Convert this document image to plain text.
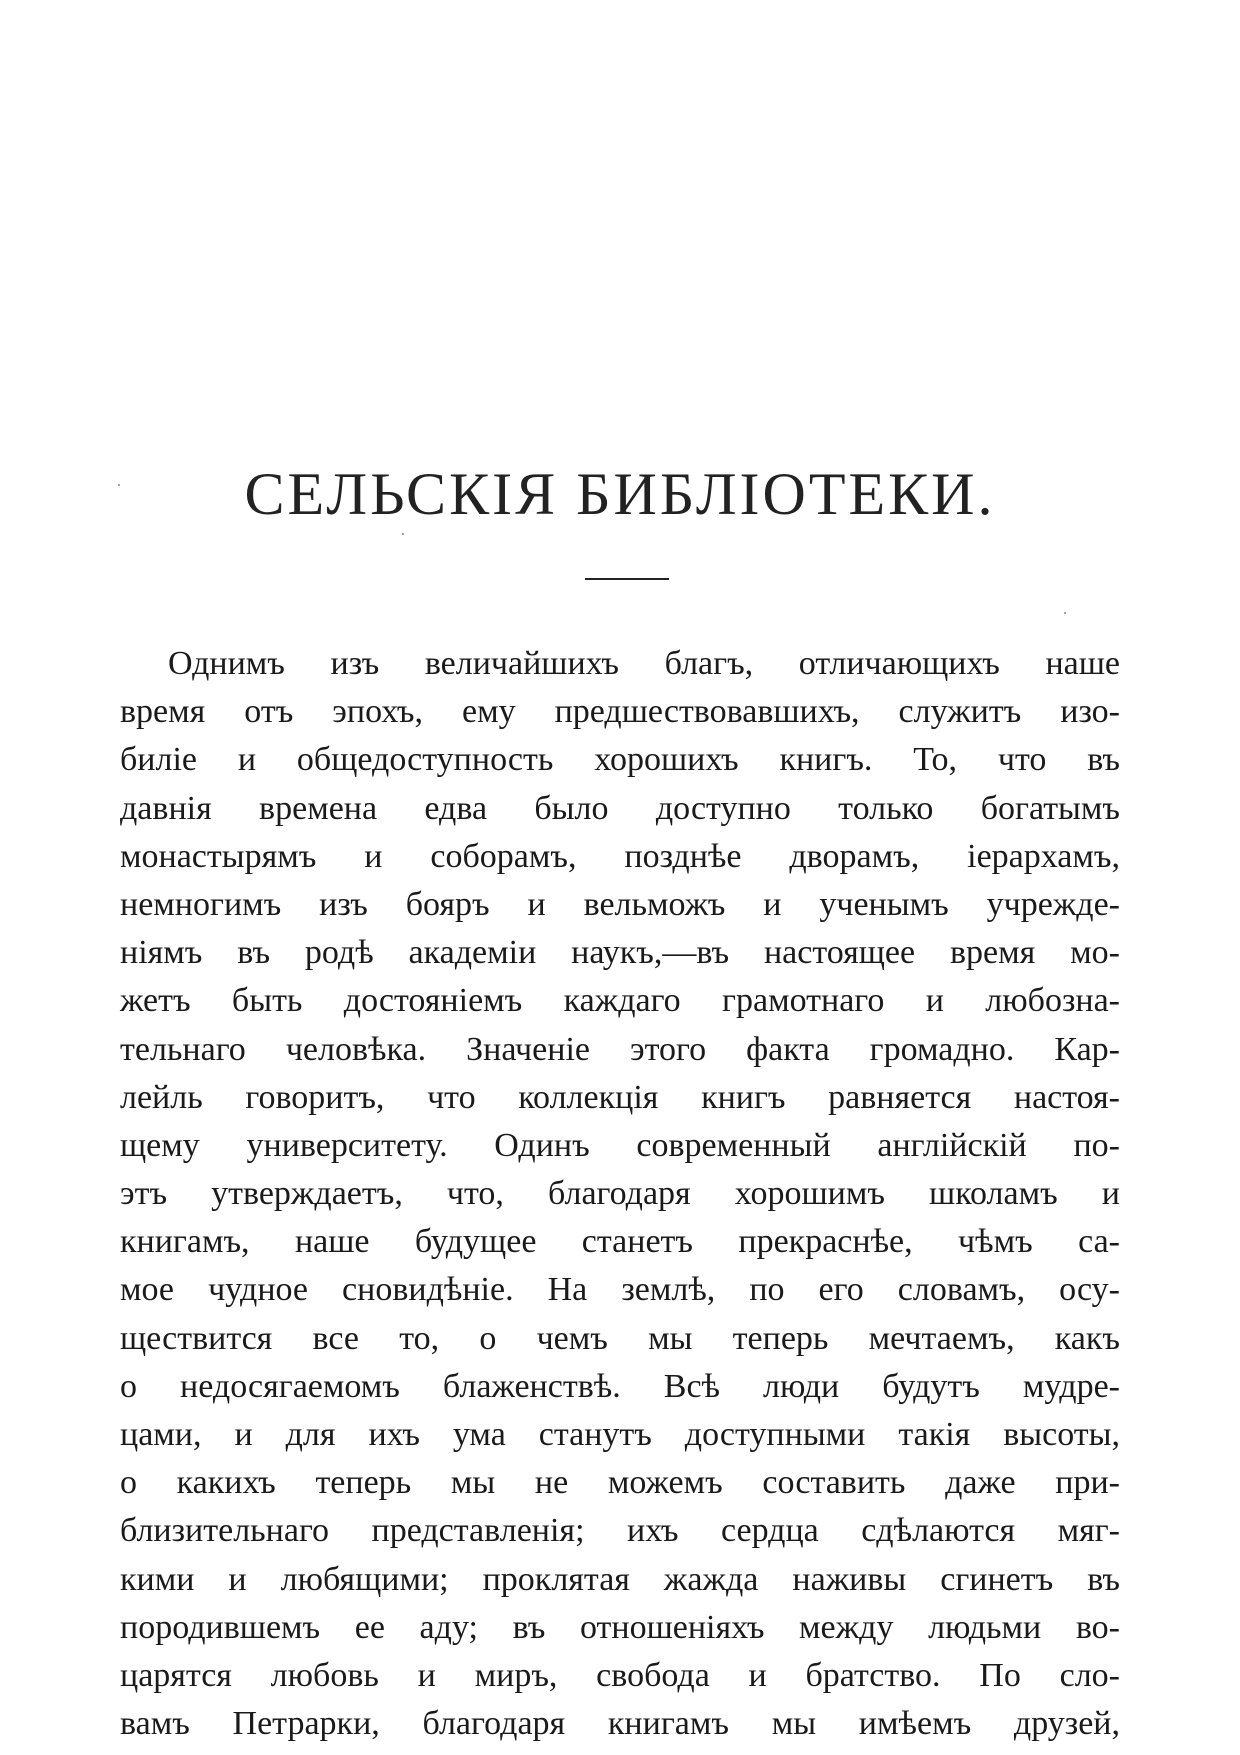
СЕЛЬСКІЯ БИБЛІОТЕКИ.
Однимъ изъ величайшихъ благъ, отличающихъ наше
время отъ эпохъ, ему предшествовавшихъ, служитъ изо-
биліе и общедоступность хорошихъ книгъ. То, что въ
давнія времена едва было доступно только богатымъ
монастырямъ и соборамъ, позднѣе дворамъ, іерархамъ,
немногимъ изъ бояръ и вельможъ и ученымъ учрежде-
ніямъ въ родѣ академіи наукъ,—въ настоящее время мо-
жетъ быть достояніемъ каждаго грамотнаго и любозна-
тельнаго человѣка. Значеніе этого факта громадно. Кар-
лейль говоритъ, что коллекція книгъ равняется настоя-
щему университету. Одинъ современный англійскій по-
этъ утверждаетъ, что, благодаря хорошимъ школамъ и
книгамъ, наше будущее станетъ прекраснѣе, чѣмъ са-
мое чудное сновидѣніе. На землѣ, по его словамъ, осу-
ществится все то, о чемъ мы теперь мечтаемъ, какъ
о недосягаемомъ блаженствѣ. Всѣ люди будутъ мудре-
цами, и для ихъ ума станутъ доступными такія высоты,
о какихъ теперь мы не можемъ составить даже при-
близительнаго представленія; ихъ сердца сдѣлаются мяг-
кими и любящими; проклятая жажда наживы сгинетъ въ
породившемъ ее аду; въ отношеніяхъ между людьми во-
царятся любовь и миръ, свобода и братство. По сло-
вамъ Петрарки, благодаря книгамъ мы имѣемъ друзей,
